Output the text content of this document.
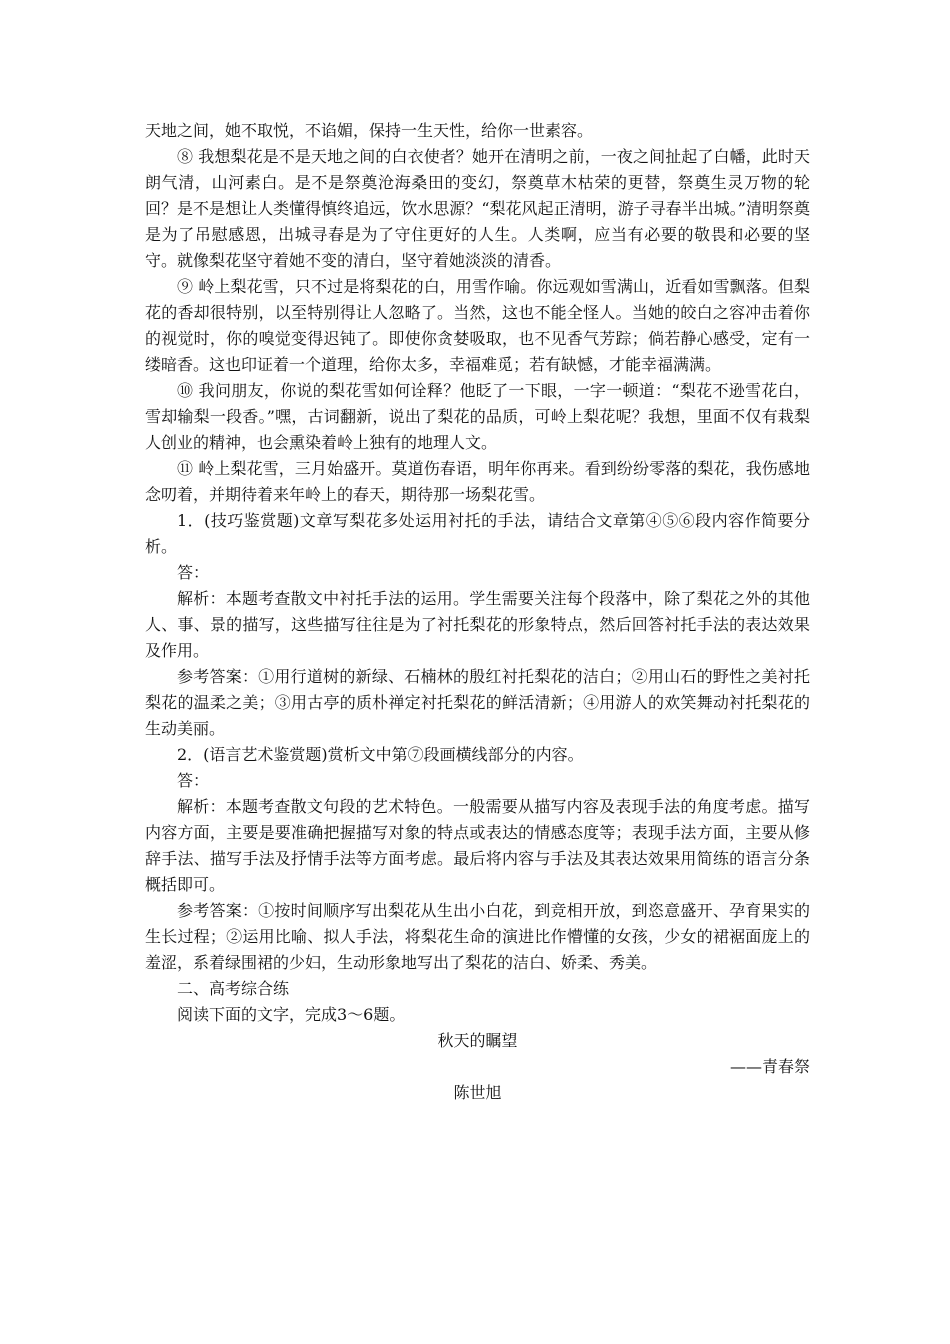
天地之间，她不取悦，不谄媚，保持一生天性，给你一世素容。

⑧ 我想梨花是不是天地之间的白衣使者？她开在清明之前，一夜之间扯起了白幡，此时天朗气清，山河素白。是不是祭奠沧海桑田的变幻，祭奠草木枯荣的更替，祭奠生灵万物的轮回？是不是想让人类懂得慎终追远，饮水思源？“梨花风起正清明，游子寻春半出城。”清明祭奠是为了吊慰感恩，出城寻春是为了守住更好的人生。人类啊，应当有必要的敬畏和必要的坚守。就像梨花坚守着她不变的清白，坚守着她淡淡的清香。

⑨ 岭上梨花雪，只不过是将梨花的白，用雪作喻。你远观如雪满山，近看如雪飘落。但梨花的香却很特别，以至特别得让人忽略了。当然，这也不能全怪人。当她的皎白之容冲击着你的视觉时，你的嗅觉变得迟钝了。即使你贪婪吸取，也不见香气芳踪；倘若静心感受，定有一缕暗香。这也印证着一个道理，给你太多，幸福难觅；若有缺憾，才能幸福满满。

⑩ 我问朋友，你说的梨花雪如何诠释？他眨了一下眼，一字一顿道：“梨花不逊雪花白，雪却输梨一段香。”嘿，古词翻新，说出了梨花的品质，可岭上梨花呢？我想，里面不仅有栽梨人创业的精神，也会熏染着岭上独有的地理人文。

⑪ 岭上梨花雪，三月始盛开。莫道伤春语，明年你再来。看到纷纷零落的梨花，我伤感地念叨着，并期待着来年岭上的春天，期待那一场梨花雪。

1．(技巧鉴赏题)文章写梨花多处运用衬托的手法，请结合文章第④⑤⑥段内容作简要分析。

答：

解析：本题考查散文中衬托手法的运用。学生需要关注每个段落中，除了梨花之外的其他人、事、景的描写，这些描写往往是为了衬托梨花的形象特点，然后回答衬托手法的表达效果及作用。

参考答案：①用行道树的新绿、石楠林的殷红衬托梨花的洁白；②用山石的野性之美衬托梨花的温柔之美；③用古亭的质朴禅定衬托梨花的鲜活清新；④用游人的欢笑舞动衬托梨花的生动美丽。

2．(语言艺术鉴赏题)赏析文中第⑦段画横线部分的内容。

答：

解析：本题考查散文句段的艺术特色。一般需要从描写内容及表现手法的角度考虑。描写内容方面，主要是要准确把握描写对象的特点或表达的情感态度等；表现手法方面，主要从修辞手法、描写手法及抒情手法等方面考虑。最后将内容与手法及其表达效果用简练的语言分条概括即可。

参考答案：①按时间顺序写出梨花从生出小白花，到竞相开放，到恣意盛开、孕育果实的生长过程；②运用比喻、拟人手法，将梨花生命的演进比作懵懂的女孩，少女的裙裾面庞上的羞涩，系着绿围裙的少妇，生动形象地写出了梨花的洁白、娇柔、秀美。

二、高考综合练

阅读下面的文字，完成3～6题。

秋天的瞩望

——青春祭

陈世旭
